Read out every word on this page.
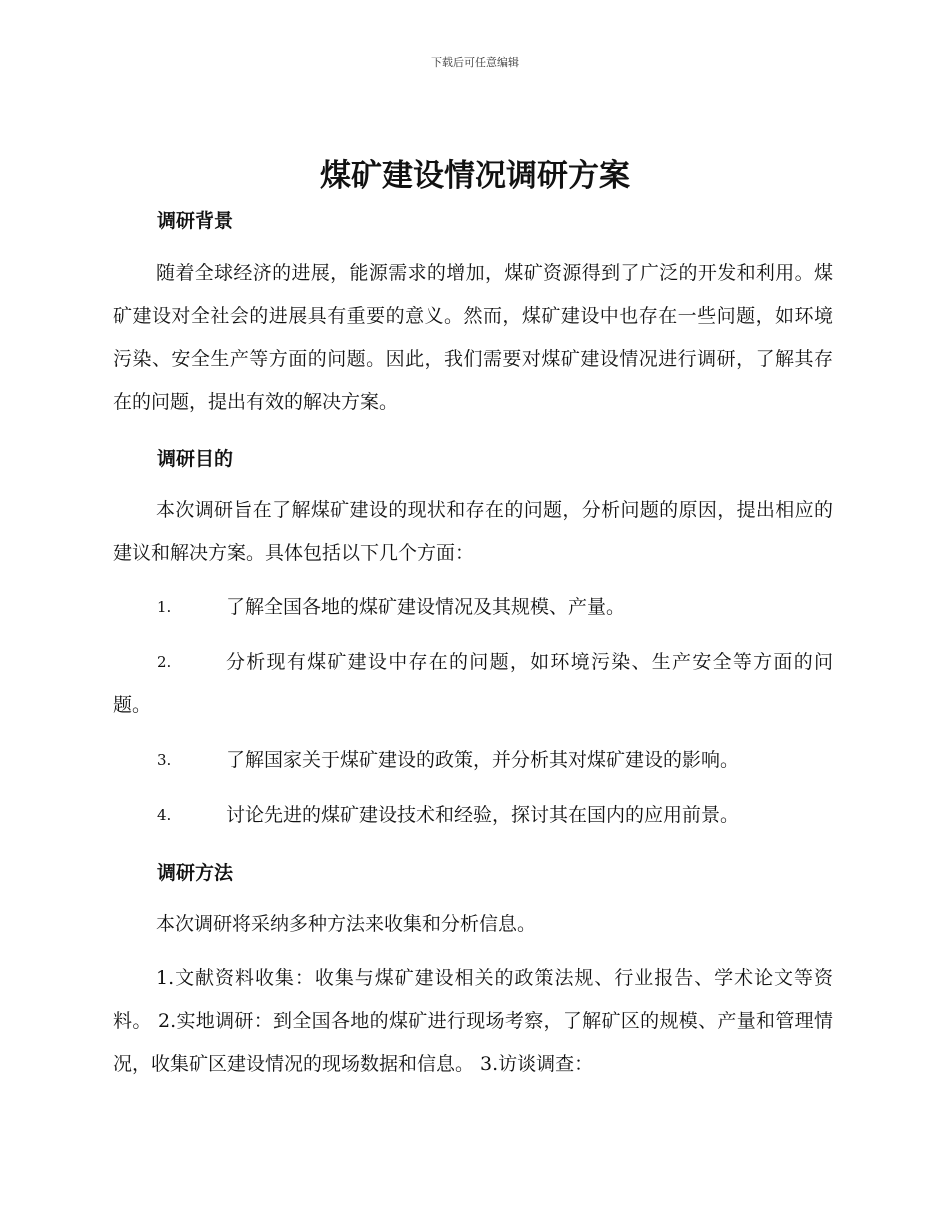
下载后可任意编辑
煤矿建设情况调研方案
调研背景

随着全球经济的进展，能源需求的增加，煤矿资源得到了广泛的开发和利用。煤矿建设对全社会的进展具有重要的意义。然而，煤矿建设中也存在一些问题，如环境污染、安全生产等方面的问题。因此，我们需要对煤矿建设情况进行调研，了解其存在的问题，提出有效的解决方案。

调研目的

本次调研旨在了解煤矿建设的现状和存在的问题，分析问题的原因，提出相应的建议和解决方案。具体包括以下几个方面：

1.	了解全国各地的煤矿建设情况及其规模、产量。
2.	分析现有煤矿建设中存在的问题，如环境污染、生产安全等方面的问题。
3.	了解国家关于煤矿建设的政策，并分析其对煤矿建设的影响。
4.	讨论先进的煤矿建设技术和经验，探讨其在国内的应用前景。
调研方法

本次调研将采纳多种方法来收集和分析信息。

1.文献资料收集：收集与煤矿建设相关的政策法规、行业报告、学术论文等资料。 2.实地调研：到全国各地的煤矿进行现场考察，了解矿区的规模、产量和管理情况，收集矿区建设情况的现场数据和信息。 3.访谈调查：
